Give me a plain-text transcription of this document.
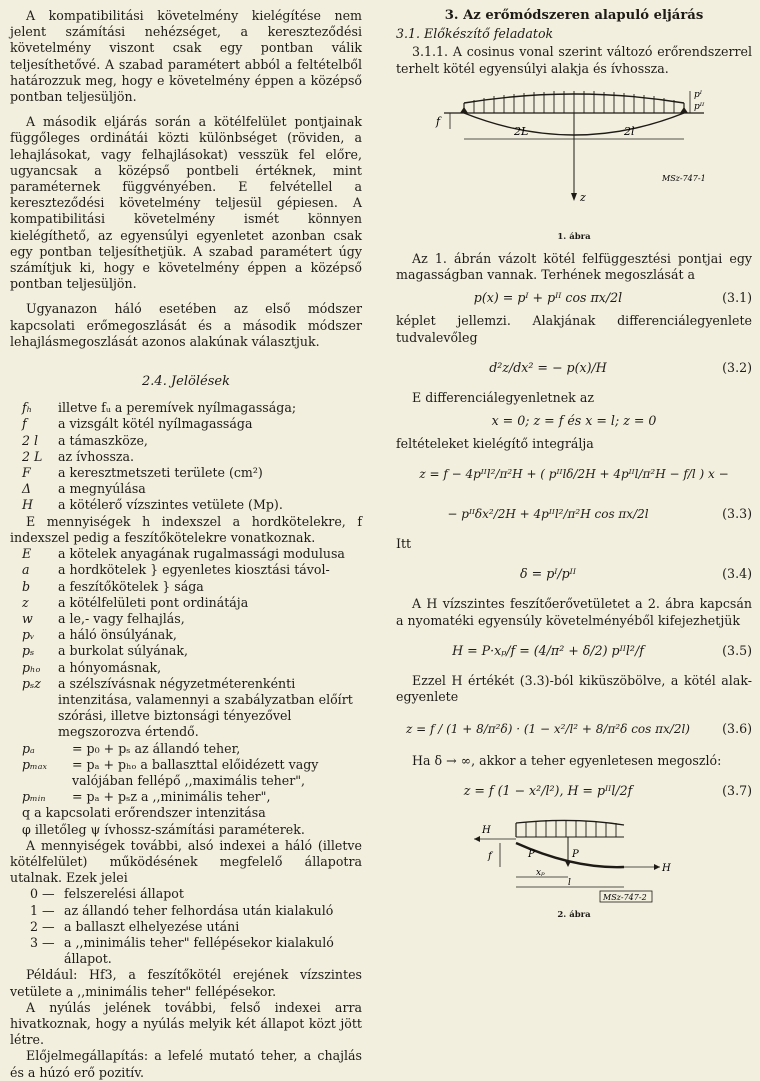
A kompatibilitási követelmény kielégítése nem jelent számítási nehézséget, a kereszteződési követelmény viszont csak egy pontban válik teljesíthetővé. A szabad paramétert abból a feltételből határozzuk meg, hogy e követelmény éppen a középső pontban teljesüljön.

A második eljárás során a kötélfelület pontjainak függőleges ordinátái közti különbséget (röviden, a lehajlásokat, vagy felhajlásokat) vesszük fel előre, ugyancsak a középső pontbeli értéknek, mint paraméternek függvényében. E felvétellel a kereszteződési követelmény teljesül gépiesen. A kompatibilitási követelmény ismét könnyen kielégíthető, az egyensúlyi egyenletet azonban csak egy pontban teljesíthetjük. A szabad paramétert úgy számítjuk ki, hogy e követelmény éppen a középső pontban teljesüljön.

Ugyanazon háló esetében az első módszer kapcsolati erőmegoszlását és a második módszer lehajlásmegoszlását azonos alakúnak választjuk.

2.4. Jelölések
fₕ	illetve fᵤ a peremívek nyílmagassága;
f	a vizsgált kötél nyílmagassága
2 l	a támaszköze,
2 L	az ívhossza.
F	a keresztmetszeti területe (cm²)
Δ	a megnyúlása
H	a kötélerő vízszintes vetülete (Mp).

E mennyiségek h indexszel a hordkötelekre, f indexszel pedig a feszítőkötelekre vonatkoznak.

E	a kötelek anyagának rugalmassági modulusa
a	a hordkötelek } egyenletes kiosztási távol-
b	a feszítőkötelek } sága
z	a kötélfelületi pont ordinátája
w	a le,- vagy felhajlás,
pᵥ	a háló önsúlyának,
pₛ	a burkolat súlyának,
pₕₒ	a hónyomásnak,
pₛz	a szélszívásnak négyzetméterenkénti intenzitása, valamennyi a szabályzatban előírt szórási, illetve biztonsági tényezővel megszorozva értendő.
pₐ	= p₀ + pₛ az állandó teher,
pₘₐₓ	= pₐ + pₕₒ a ballaszttal előidézett vagy valójában fellépő ,,maximális teher",
pₘᵢₙ	= pₐ + pₛz a ,,minimális teher",

q a kapcsolati erőrendszer intenzitása

φ illetőleg ψ ívhossz-számítási paraméterek.

A mennyiségek további, alsó indexei a háló (illetve kötélfelület) működésének megfelelő állapotra utalnak. Ezek jelei

0 — felszerelési állapot
1 — az állandó teher felhordása után kialakuló
2 — a ballaszt elhelyezése utáni
3 — a ,,minimális teher" fellépésekor kialakuló állapot.

Például: Hf3, a feszítőkötél erejének vízszintes vetülete a ,,minimális teher" fellépésekor.

A nyúlás jelének további, felső indexei arra hivatkoznak, hogy a nyúlás melyik két állapot közt jött létre.

Előjelmegállapítás: a lefelé mutató teher, a chajlás és a húzó erő pozitív.

3. Az erőmódszeren alapuló eljárás
3.1. Előkészítő feladatok

3.1.1. A cosinus vonal szerint változó erőrendszerrel terhelt kötél egyensúlyi alakja és ívhossza.

2L	2l
f
pᴵ
pᴵᴵ
z
MSz-747-1
1. ábra

Az 1. ábrán vázolt kötél felfüggesztési pontjai egy magasságban vannak. Terhének megoszlását a

p(x) = pᴵ + pᴵᴵ cos πx/2l	(3.1)

képlet jellemzi. Alakjának differenciálegyenlete tudvalevőleg

d²z/dx² = − p(x)/H	(3.2)

E differenciálegyenletnek az

x = 0; z = f és x = l; z = 0

feltételeket kielégítő integrálja

z = f − 4pᴵᴵl²/π²H + ( pᴵᴵlδ/2H + 4pᴵᴵl/π²H − f/l ) x −
− pᴵᴵδx²/2H + 4pᴵᴵl²/π²H cos πx/2l	(3.3)

Itt

δ = pᴵ/pᴵᴵ	(3.4)

A H vízszintes feszítőerővetületet a 2. ábra kapcsán a nyomatéki egyensúly követelményéből kifejezhetjük

H = P·xₚ/f = (4/π² + δ/2) pᴵᴵl²/f	(3.5)

Ezzel H értékét (3.3)-ból kiküszöbölve, a kötél alak-egyenlete

z = f / (1 + 8/π²δ) · (1 − x²/l² + 8/π²δ cos πx/2l)	(3.6)

Ha δ → ∞, akkor a teher egyenletesen megoszló:

z = f (1 − x²/l²), H = pᴵᴵl/2f	(3.7)
H
H
f	P	P
xₚ
l
MSz-747-2
2. ábra
